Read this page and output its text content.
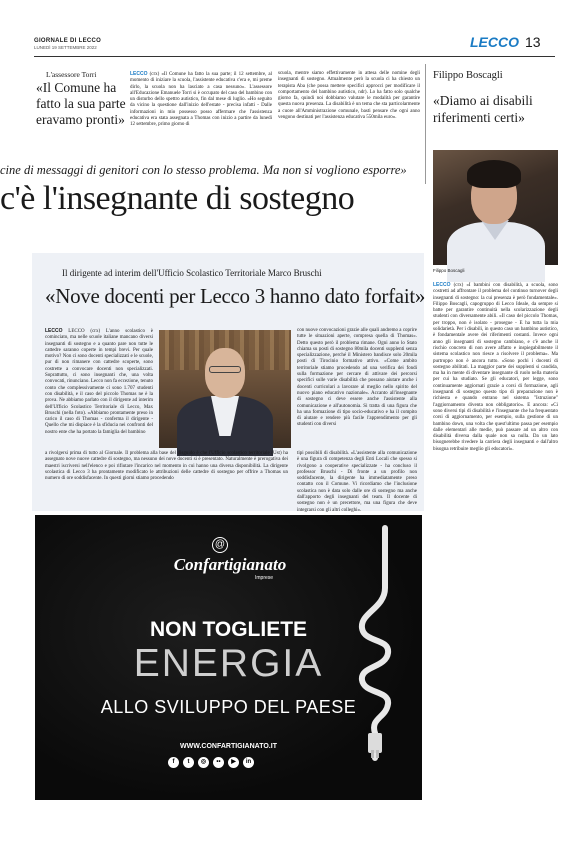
GIORNALE DI LECCO
LUNEDÌ 19 SETTEMBRE 2022	LECCO 13
L'assessore Torri
«Il Comune ha fatto la sua parte eravamo pronti»
LECCO (crx) «Il Comune ha fatto la sua parte; il 12 settembre, al momento di iniziare la scuola, l'assistente educativa c'era e, mi preme dirlo, la scuola non ha lasciato a casa nessuno». L'assessore all'Educazione Emanuele Torri si è occupato del caso del bambino con un disturbo dello spettro autistico, fin dal mese di luglio. «Ho seguito da vicino la questione dall'inizio dell'estate - precisa infatti - Dalle informazioni in mio possesso posso affermare che l'assistenza educativa era stata assegnata a Thomas con inizio a partire da lunedì 12 settembre, primo giorno di
scuola, mentre siamo effettivamente in attesa delle nomine degli insegnanti di sostegno. Attualmente però la scuola ci ha chiesto un terapista Aba (che possa mettere specifici approcci per modificare il comportamento del bambino autistico, ndr). Lo ha fatto solo qualche giorno fa, quindi noi dobbiamo valutare le modalità per garantire questa nuova presenza. La disabilità è un tema che sta particolarmente a cuore all'Amministrazione comunale, basti pensare che ogni anno vengono destinati per l'assistenza educativa 550mila euro».
Filippo Boscagli
«Diamo ai disabili riferimenti certi»
Filippo Boscagli
LECCO (crx) «I bambini con disabilità, a scuola, sono costretti ad affrontare il problema del continuo turnover degli insegnanti di sostegno: la cui presenza è però fondamentale». Filippo Boscagli, capogruppo di Lecco Ideale, da sempre si batte per garantire continuità nella scolarizzazione degli studenti con diversamente abili. «Il caso del piccolo Thomas, per troppo, non è isolato - prosegue - E ha tutta la mia solidarietà. Per i disabili, in questo caso un bambino autistico, è fondamentale avere dei riferimenti costanti. Invece ogni anno gli insegnanti di sostegno cambiano, e c'è anche il rischio concreto di non avere affatto e inspiegabilmente il sistema scolastico non riesce a risolvere il problema». Ma purtroppo non è ancora tutto. «Sono pochi i docenti di sostegno abilitati. La maggior parte dei supplenti si candida, ma ha in mente di diventare insegnante di ruolo nella materia per cui ha studiato. Se gli educatori, per legge, sono continuamente aggiornati grazie a corsi di formazione, agli insegnanti di sostegno questo tipo di preparazione non è richiesta e quando entrano nel sistema "Istruzione" l'aggiornamento diventa non obbligatorio». E ancora: «Ci sono diversi tipi di disabilità e l'insegnante che ha frequentato corsi di aggiornamento, per esempio, sulla gestione di un bambino down, una volta che quest'ultimo passa per esempio dalle elementari alle medie, può passare ad un altro con disabilità diversa dalla quale non sa nulla. Da un lato bisognerebbe rivedere la carriera degli insegnanti e dall'altro bisogna retribuire meglio gli educatori».
cine di messaggi di genitori con lo stesso problema. Ma non si vogliono esporre»
c'è l'insegnante di sostegno
Il dirigente ad interim dell'Ufficio Scolastico Territoriale Marco Bruschi
«Nove docenti per Lecco 3 hanno dato forfait»
LECCO LECCO (crx) L'anno scolastico è cominciato, ma nelle scuole italiane mancano diversi insegnanti di sostegno e a quanto pare non tutte le cattedre saranno coperte in tempi brevi. Per quale motivo? Non ci sono docenti specializzati e le scuole, pur di non rimanere con cattedre scoperte, sono costrette a convocare docenti non specializzati. Soprattutto, ci sono insegnanti che, una volta convocati, rinunciano. Lecco non fa eccezione, tenuto conto che complessivamente ci sono 1.707 studenti con disabilità, e il caso del piccolo Thomas ne è la prova. Ne abbiamo parlato con il dirigente ad interim dell'Ufficio Scolastico Territoriale di Lecco, Max Bruschi (nella foto). «Abbiamo prontamente preso in carico il caso di Thomas - conferma il dirigente - Quello che mi dispiace è la sfiducia nei confronti del nostro ente che ha portato la famiglia del bambino
con nuove convocazioni grazie alle quali andremo a coprire tutte le situazioni aperte, compresa quella di Thomas». Detto questo però il problema rimane. Ogni anno lo Stato chiama su posti di sostegno 80mila docenti supplenti senza specializzazione, perché il Ministero bandisce solo 20mila posti di Tirocinio formativo attivo. «Come ambito territoriale stiamo procedendo ad una verifica dei fondi sulla formazione per cercare di attivare dei percorsi specifici sulle varie disabilità che possano aiutare anche i docenti curricolari a lavorare al meglio nello spirito del nuovo piano educativo nazionale». Accanto all'insegnante di sostegno ci deve essere anche l'assistente alla comunicazione e all'autonomia. Si tratta di una figura che ha una formazione di tipo socio-educativo e ha il compito di aiutare e rendere più facile l'apprendimento per gli studenti con diversi
a rivolgersi prima di tutto al Giornale. Il problema alla base del disguido è che l'Ufficio scolastico territoriale (Ust) ha assegnato nove nuove cattedre di sostegno, ma nessuno dei nove docenti si è presentato. Naturalmente è prerogativa dei maestri iscriversi nell'elenco e poi rifiutare l'incarico nel momento in cui hanno una diversa disponibilità. La dirigente scolastica di Lecco 3 ha prontamente modificato le attribuzioni delle cattedre di sostegno per offrire a Thomas un numero di ore soddisfacente. In questi giorni stiamo procedendo
tipi possibili di disabilità. «L'assistente alla comunicazione è una figura di competenza degli Enti Locali che spesso si rivolgono a cooperative specializzate - ha concluso il professor Bruschi - Di fronte a un profilo non soddisfacente, la dirigente ha immediatamente preso contatto con il Comune. Vi ricordiamo che l'inclusione scolastica non è data solo dalle ore di sostegno ma anche dall'apporto degli insegnanti del team. Il docente di sostegno non è un precettore, ma una figura che deve integrarsi con gli altri colleghi».
@
Confartigianato
Imprese
NON TOGLIETE
ENERGIA
ALLO SVILUPPO DEL PAESE
WWW.CONFARTIGIANATO.IT
f	t	◎	••	▶	in
